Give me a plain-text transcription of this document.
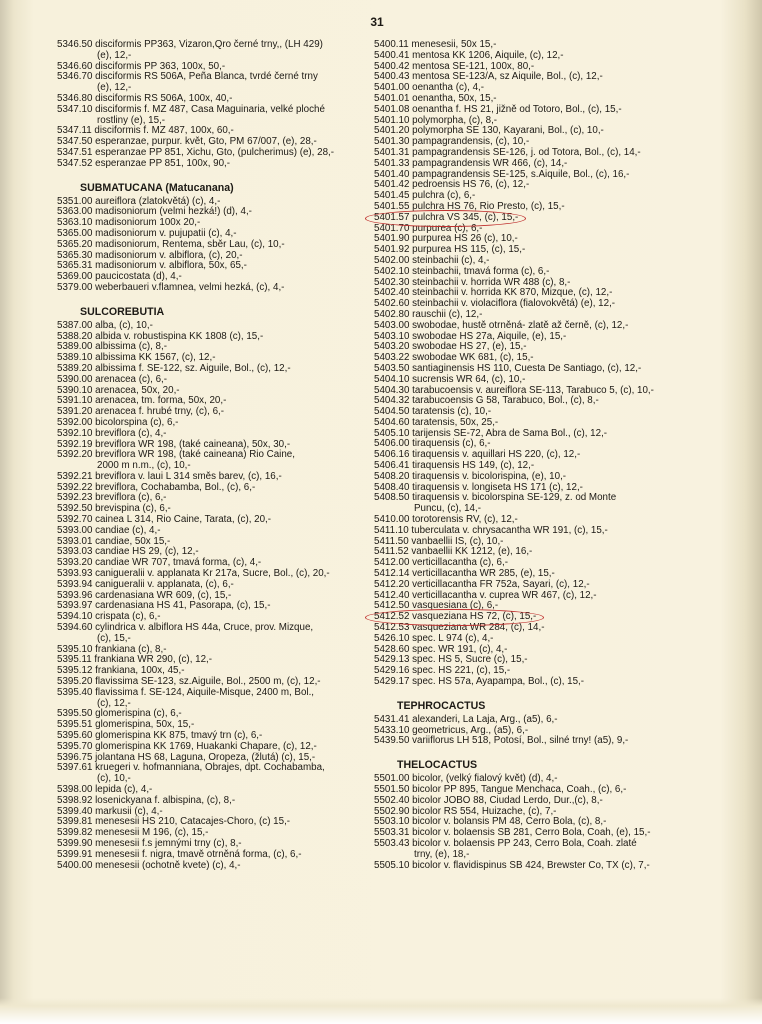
31
5346.50 disciformis PP363, Vizaron,Qro černé trny,, (LH 429)
(e), 12,-
5346.60 disciformis PP 363, 100x, 50,-
5346.70 disciformis RS 506A, Peña Blanca, tvrdé černé trny
(e), 12,-
5346.80 disciformis RS 506A, 100x, 40,-
5347.10 disciformis f. MZ 487, Casa Maguinaria, velké ploché
rostliny (e), 15,-
5347.11 disciformis f. MZ 487, 100x, 60,-
5347.50 esperanzae, purpur. květ, Gto, PM 67/007, (e), 28,-
5347.51 esperanzae PP 851, Xichu, Gto, (pulcherimus) (e), 28,-
5347.52 esperanzae PP 851, 100x, 90,-
SUBMATUCANA (Matucanana)
5351.00 aureiflora (zlatokvětá) (c), 4,-
5363.00 madisoniorum (velmi hezká!) (d), 4,-
5363.10 madisoniorum 100x 20,-
5365.00 madisoniorum v. pujupatii (c), 4,-
5365.20 madisoniorum, Rentema, sběr Lau, (c), 10,-
5365.30 madisoniorum v. albiflora, (c), 20,-
5365.31 madisoniorum v. albiflora, 50x, 65,-
5369.00 paucicostata (d), 4,-
5379.00 weberbaueri v.flamnea, velmi hezká, (c), 4,-
SULCOREBUTIA
5387.00 alba, (c), 10,-
5388.20 albida v. robustispina KK 1808 (c), 15,-
5389.00 albissima (c), 8,-
5389.10 albissima KK 1567, (c), 12,-
5389.20 albissima f. SE-122, sz. Aiguile, Bol., (c), 12,-
5390.00 arenacea (c), 6,-
5390.10 arenacea, 50x, 20,-
5391.10 arenacea, tm. forma, 50x, 20,-
5391.20 arenacea f. hrubé trny, (c), 6,-
5392.00 bicolorspina (c), 6,-
5392.10 breviflora (c), 4,-
5392.19 breviflora WR 198, (také caineana), 50x, 30,-
5392.20 breviflora WR 198, (také caineana) Rio Caine,
2000 m n.m., (c), 10,-
5392.21 breviflora v. laui L 314 směs barev, (c), 16,-
5392.22 breviflora, Cochabamba, Bol., (c), 6,-
5392.23 breviflora (c), 6,-
5392.50 brevispina (c), 6,-
5392.70 cainea L 314, Rio Caine, Tarata, (c), 20,-
5393.00 candiae (c), 4,-
5393.01 candiae, 50x 15,-
5393.03 candiae HS 29, (c), 12,-
5393.20 candiae WR 707, tmavá forma, (c), 4,-
5393.93 canigueralii v. applanata Kr 217a, Sucre, Bol., (c), 20,-
5393.94 canigueralii v. applanata, (c), 6,-
5393.96 cardenasiana WR 609, (c), 15,-
5393.97 cardenasiana HS 41, Pasorapa, (c), 15,-
5394.10 crispata (c), 6,-
5394.60 cylindrica v. albiflora HS 44a, Cruce, prov. Mizque,
(c), 15,-
5395.10 frankiana (c), 8,-
5395.11 frankiana WR 290, (c), 12,-
5395.12 frankiana, 100x, 45,-
5395.20 flavissima SE-123, sz.Aiguile, Bol., 2500 m, (c), 12,-
5395.40 flavissima f. SE-124, Aiquile-Misque, 2400 m, Bol.,
(c), 12,-
5395.50 glomerispina (c), 6,-
5395.51 glomerispina, 50x, 15,-
5395.60 glomerispina KK 875, tmavý trn (c), 6,-
5395.70 glomerispina KK 1769, Huakanki Chapare, (c), 12,-
5396.75 jolantana HS 68, Laguna, Oropeza, (žlutá) (c), 15,-
5397.61 kruegeri v. hofmanniana, Obrajes, dpt. Cochabamba,
(c), 10,-
5398.00 lepida (c), 4,-
5398.92 losenickyana f. albispina, (c), 8,-
5399.40 markusii (c), 4,-
5399.81 menesesii HS 210, Catacajes-Choro, (c) 15,-
5399.82 menesesii M 196, (c), 15,-
5399.90 menesesii f.s jemnými trny (c), 8,-
5399.91 menesesii f. nigra, tmavě otrněná forma, (c), 6,-
5400.00 menesesii (ochotně kvete) (c), 4,-
5400.11 menesesii, 50x 15,-
5400.41 mentosa KK 1206, Aiquile, (c), 12,-
5400.42 mentosa SE-121, 100x, 80,-
5400.43 mentosa SE-123/A, sz Aiquile, Bol., (c), 12,-
5401.00 oenantha (c), 4,-
5401.01 oenantha, 50x, 15,-
5401.08 oenantha f. HS 21, jižně od Totoro, Bol., (c), 15,-
5401.10 polymorpha, (c), 8,-
5401.20 polymorpha SE 130, Kayarani, Bol., (c), 10,-
5401.30 pampagrandensis, (c), 10,-
5401.31 pampagrandensis SE-126, j. od Totora, Bol., (c), 14,-
5401.33 pampagrandensis WR 466, (c), 14,-
5401.40 pampagrandensis SE-125, s.Aiquile, Bol., (c), 16,-
5401.42 pedroensis HS 76, (c), 12,-
5401.45 pulchra (c), 6,-
5401.55 pulchra HS 76, Rio Presto, (c), 15,-
5401.57 pulchra VS 345, (c), 15,-
5401.70 purpurea (c), 6,-
5401.90 purpurea HS 26 (c), 10,-
5401.92 purpurea HS 115, (c), 15,-
5402.00 steinbachii (c), 4,-
5402.10 steinbachii, tmavá forma (c), 6,-
5402.30 steinbachii v. horrida WR 488 (c), 8,-
5402.40 steinbachii v. horrida KK 870, Mizque, (c), 12,-
5402.60 steinbachii v. violaciflora (fialovokvětá) (e), 12,-
5402.80 rauschii (c), 12,-
5403.00 swobodae, hustě otrněná- zlatě až černě, (c), 12,-
5403.10 swobodae HS 27a, Aiquile, (e), 15,-
5403.20 swobodae HS 27, (e), 15,-
5403.22 swobodae WK 681, (c), 15,-
5403.50 santiaginensis HS 110, Cuesta De Santiago, (c), 12,-
5404.10 sucrensis WR 64, (c), 10,-
5404.30 tarabucoensis v. aureiflora SE-113, Tarabuco 5, (c), 10,-
5404.32 tarabucoensis G 58, Tarabuco, Bol., (c), 8,-
5404.50 taratensis (c), 10,-
5404.60 taratensis, 50x, 25,-
5405.10 tarijensis SE-72, Abra de Sama Bol., (c), 12,-
5406.00 tiraquensis (c), 6,-
5406.16 tiraquensis v. aquillari HS 220, (c), 12,-
5406.41 tiraquensis HS 149, (c), 12,-
5408.20 tiraquensis v. bicolorispina, (e), 10,-
5408.40 tiraquensis v. longiseta HS 171 (c), 12,-
5408.50 tiraquensis v. bicolorspina SE-129, z. od Monte
Puncu, (c), 14,-
5410.00 torotorensis RV, (c), 12,-
5411.10 tuberculata v. chrysacantha WR 191, (c), 15,-
5411.50 vanbaellii IS, (c), 10,-
5411.52 vanbaellii KK 1212, (e), 16,-
5412.00 verticillacantha (c), 6,-
5412.14 verticillacantha WR 285, (e), 15,-
5412.20 verticillacantha FR 752a, Sayari, (c), 12,-
5412.40 verticillacantha v. cuprea WR 467, (c), 12,-
5412.50 vasquesiana (c), 6,-
5412.52 vasqueziana HS 72, (c), 15,-
5412.53 vasqueziana WR 284, (c), 14,-
5426.10 spec. L 974 (c), 4,-
5428.60 spec. WR 191, (c), 4,-
5429.13 spec. HS 5, Sucre (c), 15,-
5429.16 spec. HS 221, (c), 15,-
5429.17 spec. HS 57a, Ayapampa, Bol., (c), 15,-
TEPHROCACTUS
5431.41 alexanderi, La Laja, Arg., (a5), 6,-
5433.10 geometricus, Arg., (a5), 6,-
5439.50 variiflorus LH 518, Potosí, Bol., silné trny! (a5), 9,-
THELOCACTUS
5501.00 bicolor, (velký fialový květ) (d), 4,-
5501.50 bicolor PP 895, Tangue Menchaca, Coah., (c), 6,-
5502.40 bicolor JOBO 88, Ciudad Lerdo, Dur.,(c), 8,-
5502.90 bicolor RS 554, Huizache, (c), 7,-
5503.10 bicolor v. bolansis PM 48, Cerro Bola, (c), 8,-
5503.31 bicolor v. bolaensis SB 281, Cerro Bola, Coah, (e), 15,-
5503.43 bicolor v. bolaensis PP 243, Cerro Bola, Coah. zlaté
trny, (e), 18,-
5505.10 bicolor v. flavidispinus SB 424, Brewster Co, TX (c), 7,-
